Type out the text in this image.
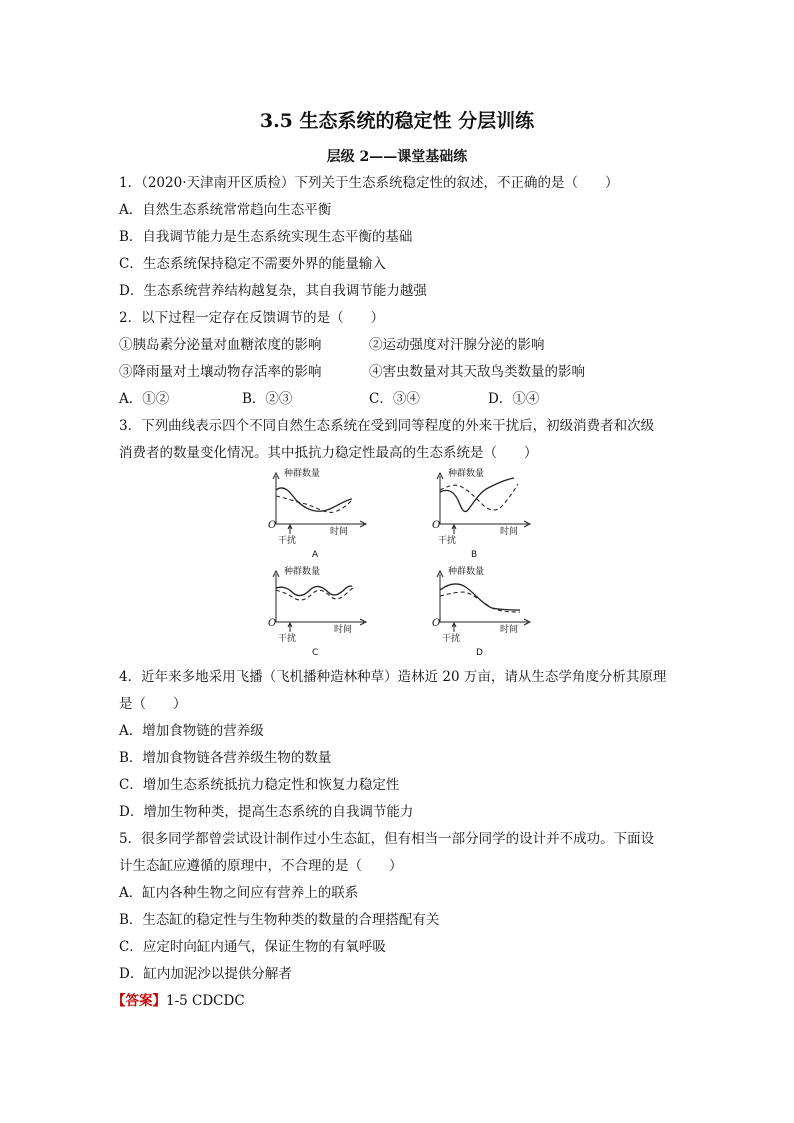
3.5 生态系统的稳定性 分层训练
层级 2——课堂基础练
1．（2020·天津南开区质检）下列关于生态系统稳定性的叙述，不正确的是（　　）
A．自然生态系统常常趋向生态平衡
B．自我调节能力是生态系统实现生态平衡的基础
C．生态系统保持稳定不需要外界的能量输入
D．生态系统营养结构越复杂，其自我调节能力越强
2．以下过程一定存在反馈调节的是（　　）
①胰岛素分泌量对血糖浓度的影响	②运动强度对汗腺分泌的影响
③降雨量对土壤动物存活率的影响	④害虫数量对其天敌鸟类数量的影响
A．①②	B．②③	C．③④	D．①④
3．下列曲线表示四个不同自然生态系统在受到同等程度的外来干扰后，初级消费者和次级
消费者的数量变化情况。其中抵抗力稳定性最高的生态系统是（　　）
种群数量
O
时间
干扰
A
种群数量
O
时间
干扰
B
种群数量
O
时间
干扰
C
种群数量
O
时间
干扰
D
4．近年来多地采用飞播（飞机播种造林种草）造林近 20 万亩，请从生态学角度分析其原理
是（　　）
A．增加食物链的营养级
B．增加食物链各营养级生物的数量
C．增加生态系统抵抗力稳定性和恢复力稳定性
D．增加生物种类，提高生态系统的自我调节能力
5．很多同学都曾尝试设计制作过小生态缸，但有相当一部分同学的设计并不成功。下面设
计生态缸应遵循的原理中，不合理的是（　　）
A．缸内各种生物之间应有营养上的联系
B．生态缸的稳定性与生物种类的数量的合理搭配有关
C．应定时向缸内通气，保证生物的有氧呼吸
D．缸内加泥沙以提供分解者
【答案】1-5 CDCDC
